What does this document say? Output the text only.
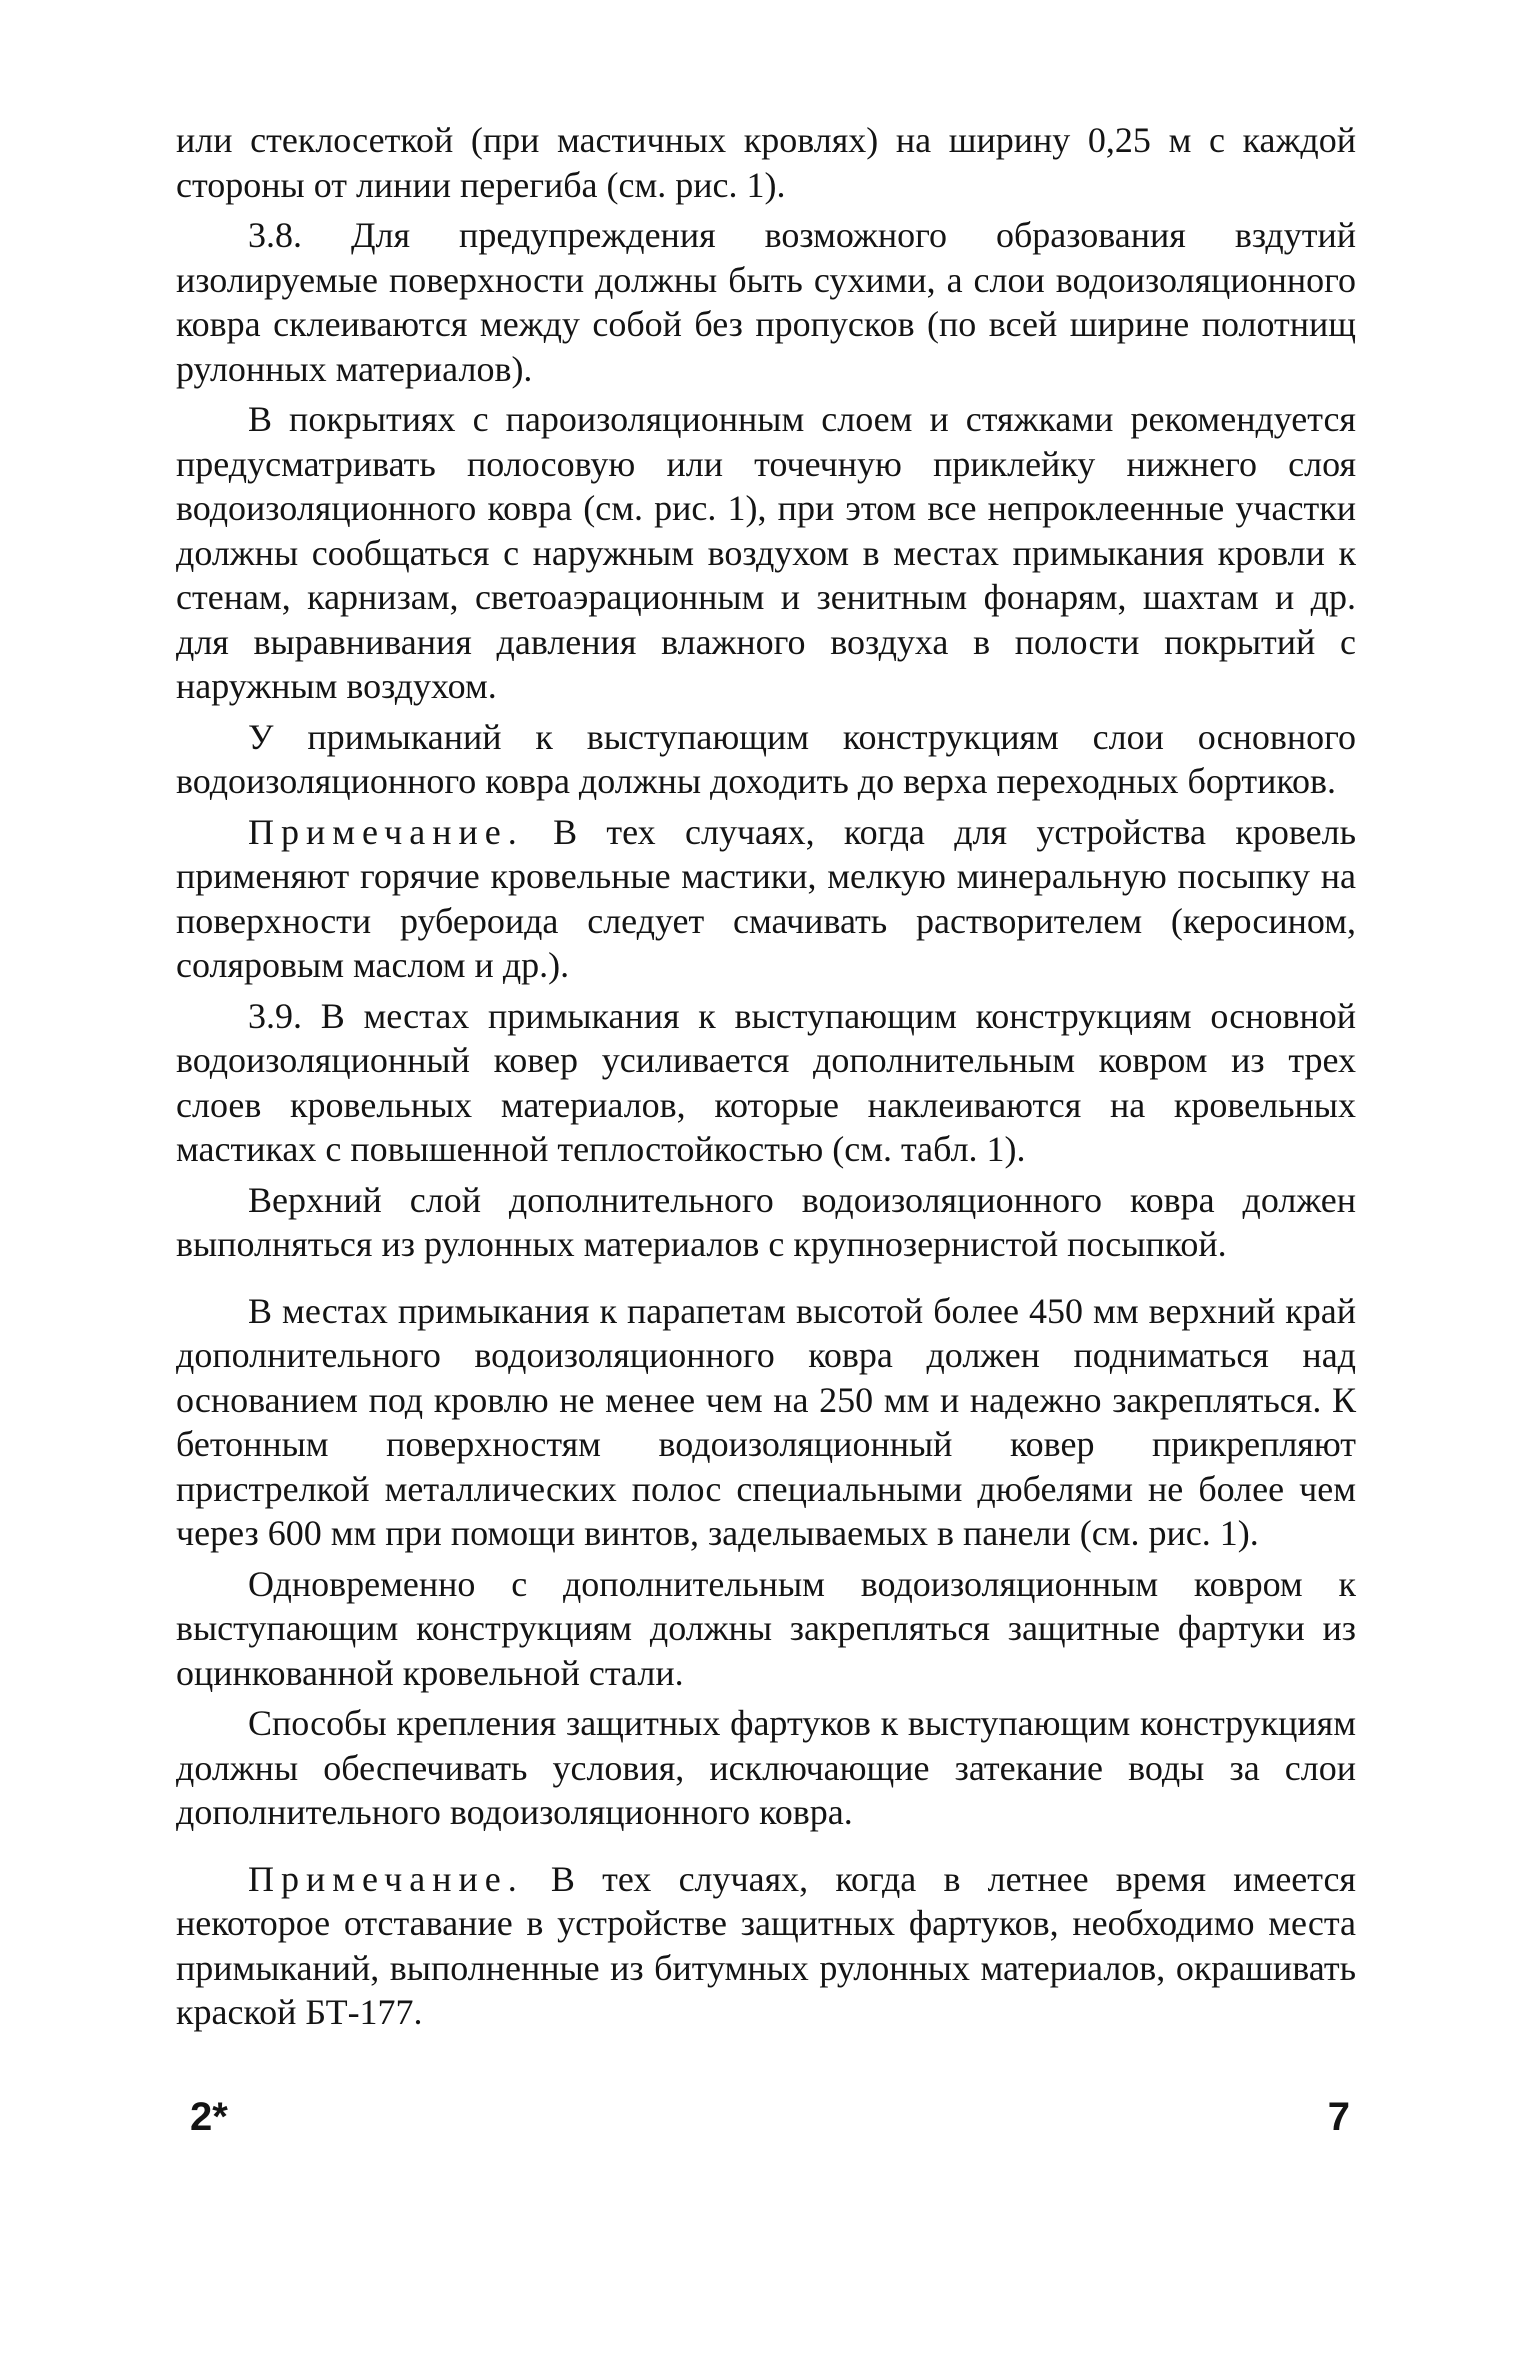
или стеклосеткой (при мастичных кровлях) на ширину 0,25 м с каждой стороны от линии перегиба (см. рис. 1).

3.8. Для предупреждения возможного образования вздутий изолируемые поверхности должны быть сухими, а слои водоизоляционного ковра склеиваются между собой без пропусков (по всей ширине полотнищ рулонных материалов).

В покрытиях с пароизоляционным слоем и стяжками рекомендуется предусматривать полосовую или точечную приклейку нижнего слоя водоизоляционного ковра (см. рис. 1), при этом все непроклеенные участки должны сообщаться с наружным воздухом в местах примыкания кровли к стенам, карнизам, светоаэрационным и зенитным фонарям, шахтам и др. для выравнивания давления влажного воздуха в полости покрытий с наружным воздухом.

У примыканий к выступающим конструкциям слои основного водоизоляционного ковра должны доходить до верха переходных бортиков.

Примечание. В тех случаях, когда для устройства кровель применяют горячие кровельные мастики, мелкую минеральную посыпку на поверхности рубероида следует смачивать растворителем (керосином, соляровым маслом и др.).

3.9. В местах примыкания к выступающим конструкциям основной водоизоляционный ковер усиливается дополнительным ковром из трех слоев кровельных материалов, которые наклеиваются на кровельных мастиках с повышенной теплостойкостью (см. табл. 1).

Верхний слой дополнительного водоизоляционного ковра должен выполняться из рулонных материалов с крупнозернистой посыпкой.

В местах примыкания к парапетам высотой более 450 мм верхний край дополнительного водоизоляционного ковра должен подниматься над основанием под кровлю не менее чем на 250 мм и надежно закрепляться. К бетонным поверхностям водоизоляционный ковер прикрепляют пристрелкой металлических полос специальными дюбелями не более чем через 600 мм при помощи винтов, заделываемых в панели (см. рис. 1).

Одновременно с дополнительным водоизоляционным ковром к выступающим конструкциям должны закрепляться защитные фартуки из оцинкованной кровельной стали.

Способы крепления защитных фартуков к выступающим конструкциям должны обеспечивать условия, исключающие затекание воды за слои дополнительного водоизоляционного ковра.

Примечание. В тех случаях, когда в летнее время имеется некоторое отставание в устройстве защитных фартуков, необходимо места примыканий, выполненные из битумных рулонных материалов, окрашивать краской БТ-177.

2*	7
